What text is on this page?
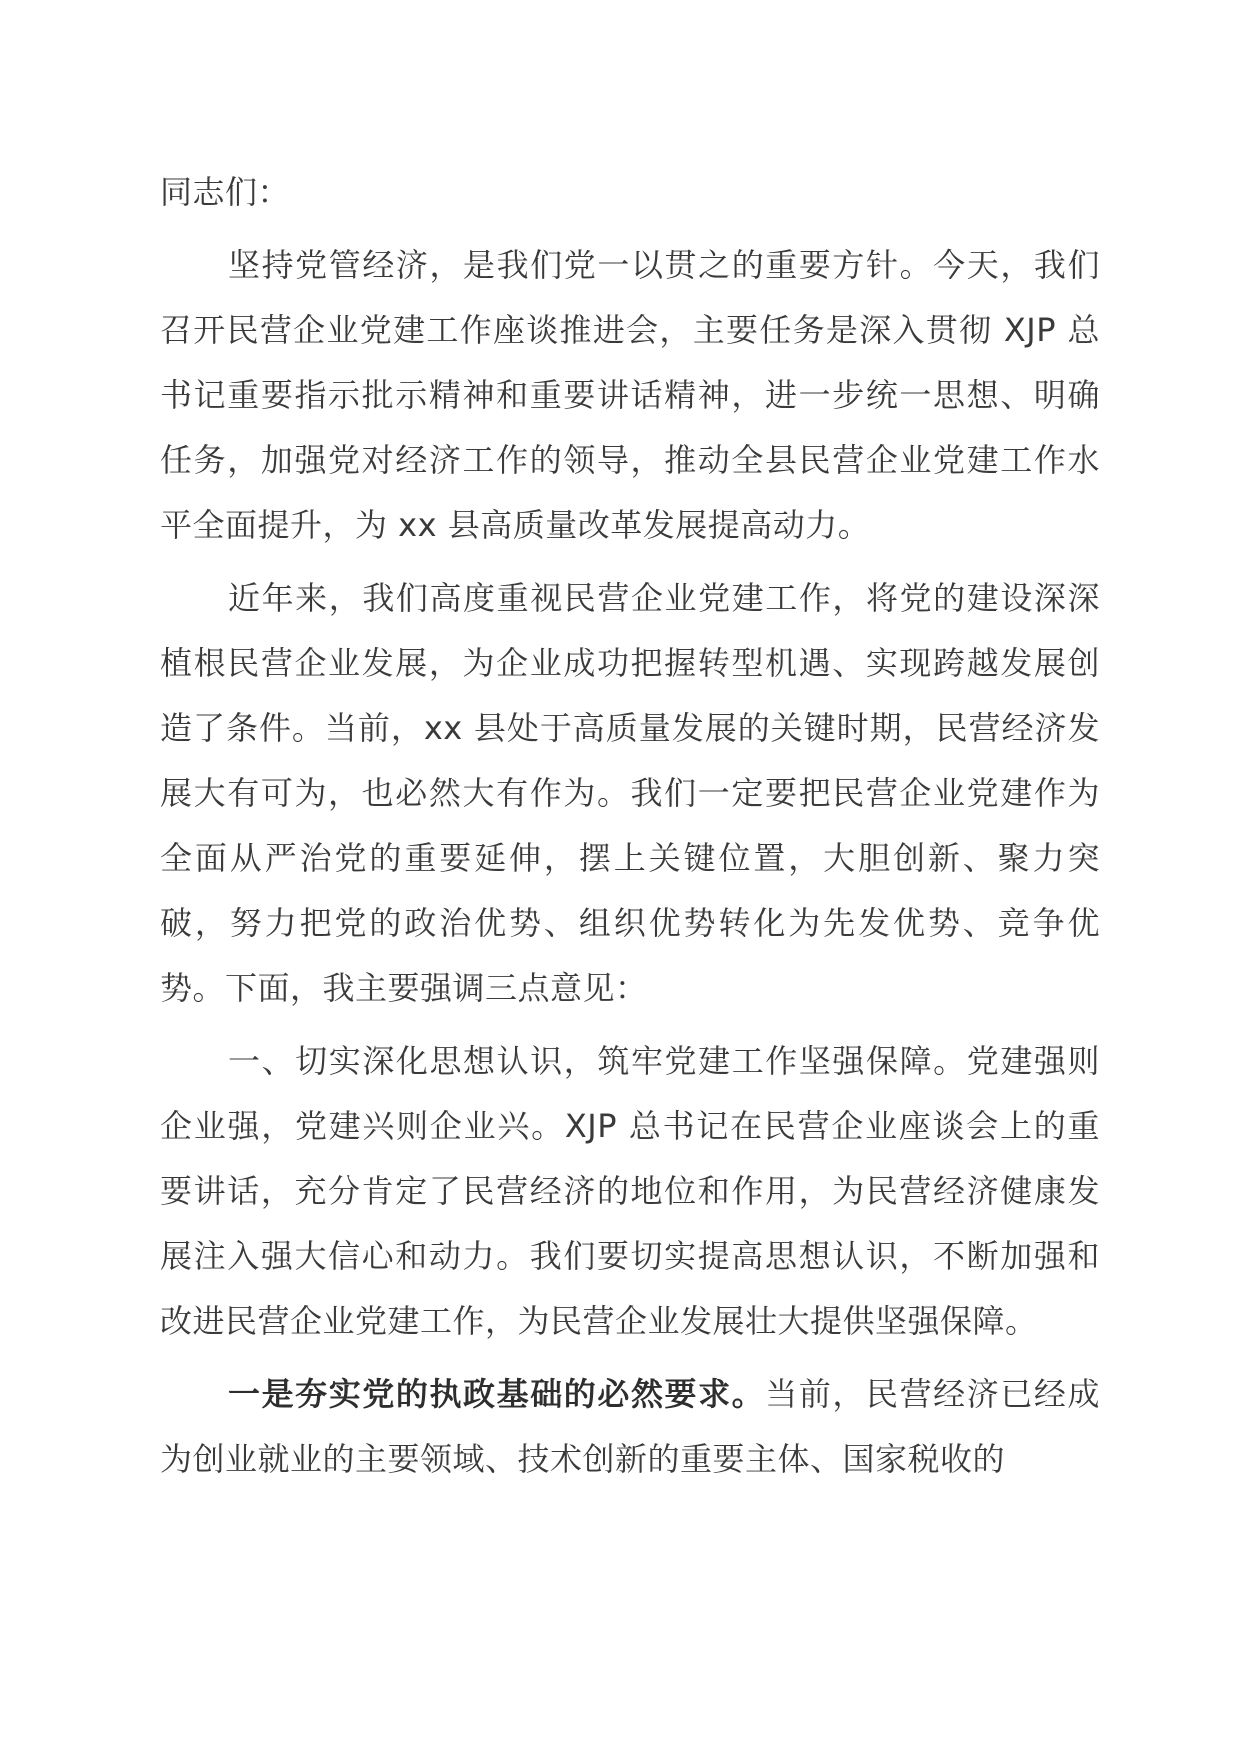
同志们：

坚持党管经济，是我们党一以贯之的重要方针。今天，我们召开民营企业党建工作座谈推进会，主要任务是深入贯彻 XJP 总书记重要指示批示精神和重要讲话精神，进一步统一思想、明确任务，加强党对经济工作的领导，推动全县民营企业党建工作水平全面提升，为 xx 县高质量改革发展提高动力。

近年来，我们高度重视民营企业党建工作，将党的建设深深植根民营企业发展，为企业成功把握转型机遇、实现跨越发展创造了条件。当前，xx 县处于高质量发展的关键时期，民营经济发展大有可为，也必然大有作为。我们一定要把民营企业党建作为全面从严治党的重要延伸，摆上关键位置，大胆创新、聚力突破，努力把党的政治优势、组织优势转化为先发优势、竞争优势。下面，我主要强调三点意见：

一、切实深化思想认识，筑牢党建工作坚强保障。党建强则企业强，党建兴则企业兴。XJP 总书记在民营企业座谈会上的重要讲话，充分肯定了民营经济的地位和作用，为民营经济健康发展注入强大信心和动力。我们要切实提高思想认识，不断加强和改进民营企业党建工作，为民营企业发展壮大提供坚强保障。

一是夯实党的执政基础的必然要求。当前，民营经济已经成为创业就业的主要领域、技术创新的重要主体、国家税收的
